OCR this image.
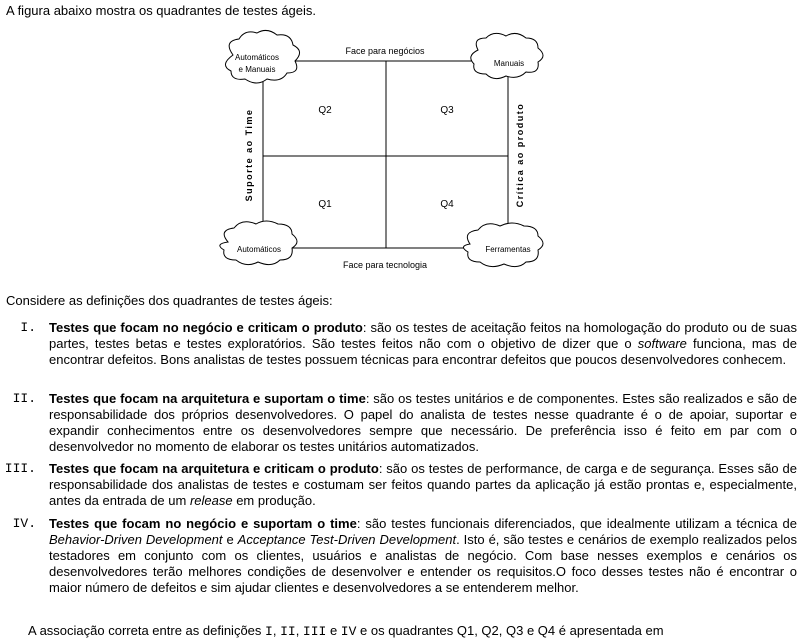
A figura abaixo mostra os quadrantes de testes ágeis.
Face para negócios
Face para tecnologia
Suporte ao Time	Crítica ao produto
Q2	Q3
Q1	Q4
Automáticos
e Manuais
Manuais
Automáticos	Ferramentas
Considere as definições dos quadrantes de testes ágeis:
I. Testes que focam no negócio e criticam o produto: são os testes de aceitação feitos na homologação do produto ou de suas partes, testes betas e testes exploratórios. São testes feitos não com o objetivo de dizer que o software funciona, mas de encontrar defeitos. Bons analistas de testes possuem técnicas para encontrar defeitos que poucos desenvolvedores conhecem.
II. Testes que focam na arquitetura e suportam o time: são os testes unitários e de componentes. Estes são realizados e são de responsabilidade dos próprios desenvolvedores. O papel do analista de testes nesse quadrante é o de apoiar, suportar e expandir conhecimentos entre os desenvolvedores sempre que necessário. De preferência isso é feito em par com o desenvolvedor no momento de elaborar os testes unitários automatizados.
III. Testes que focam na arquitetura e criticam o produto: são os testes de performance, de carga e de segurança. Esses são de responsabilidade dos analistas de testes e costumam ser feitos quando partes da aplicação já estão prontas e, especialmente, antes da entrada de um release em produção.
IV. Testes que focam no negócio e suportam o time: são testes funcionais diferenciados, que idealmente utilizam a técnica de Behavior-Driven Development e Acceptance Test-Driven Development. Isto é, são testes e cenários de exemplo realizados pelos testadores em conjunto com os clientes, usuários e analistas de negócio. Com base nesses exemplos e cenários os desenvolvedores terão melhores condições de desenvolver e entender os requisitos.O foco desses testes não é encontrar o maior número de defeitos e sim ajudar clientes e desenvolvedores a se entenderem melhor.
A associação correta entre as definições I, II, III e IV e os quadrantes Q1, Q2, Q3 e Q4 é apresentada em
